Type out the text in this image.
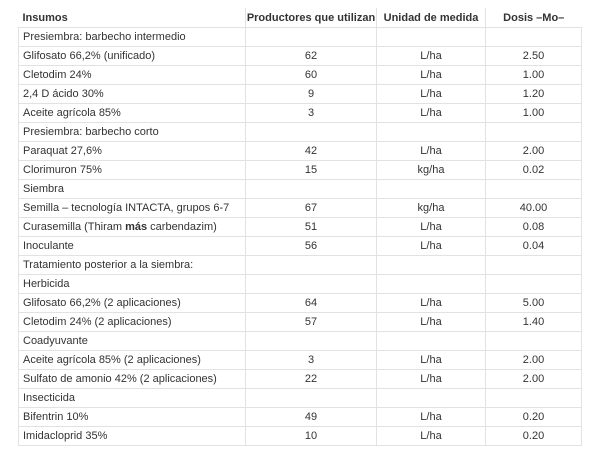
Insumos	Productores que utilizan	Unidad de medida	Dosis –Mo–
Presiembra: barbecho intermedio			
Glifosato 66,2% (unificado)	62	L/ha	2.50
Cletodim 24%	60	L/ha	1.00
2,4 D ácido 30%	9	L/ha	1.20
Aceite agrícola 85%	3	L/ha	1.00
Presiembra: barbecho corto			
Paraquat 27,6%	42	L/ha	2.00
Clorimuron 75%	15	kg/ha	0.02
Siembra			
Semilla – tecnología INTACTA, grupos 6-7	67	kg/ha	40.00
Curasemilla (Thiram más carbendazim)	51	L/ha	0.08
Inoculante	56	L/ha	0.04
Tratamiento posterior a la siembra:			
Herbicida			
Glifosato 66,2% (2 aplicaciones)	64	L/ha	5.00
Cletodim 24% (2 aplicaciones)	57	L/ha	1.40
Coadyuvante			
Aceite agrícola 85% (2 aplicaciones)	3	L/ha	2.00
Sulfato de amonio 42% (2 aplicaciones)	22	L/ha	2.00
Insecticida			
Bifentrin 10%	49	L/ha	0.20
Imidacloprid 35%	10	L/ha	0.20
